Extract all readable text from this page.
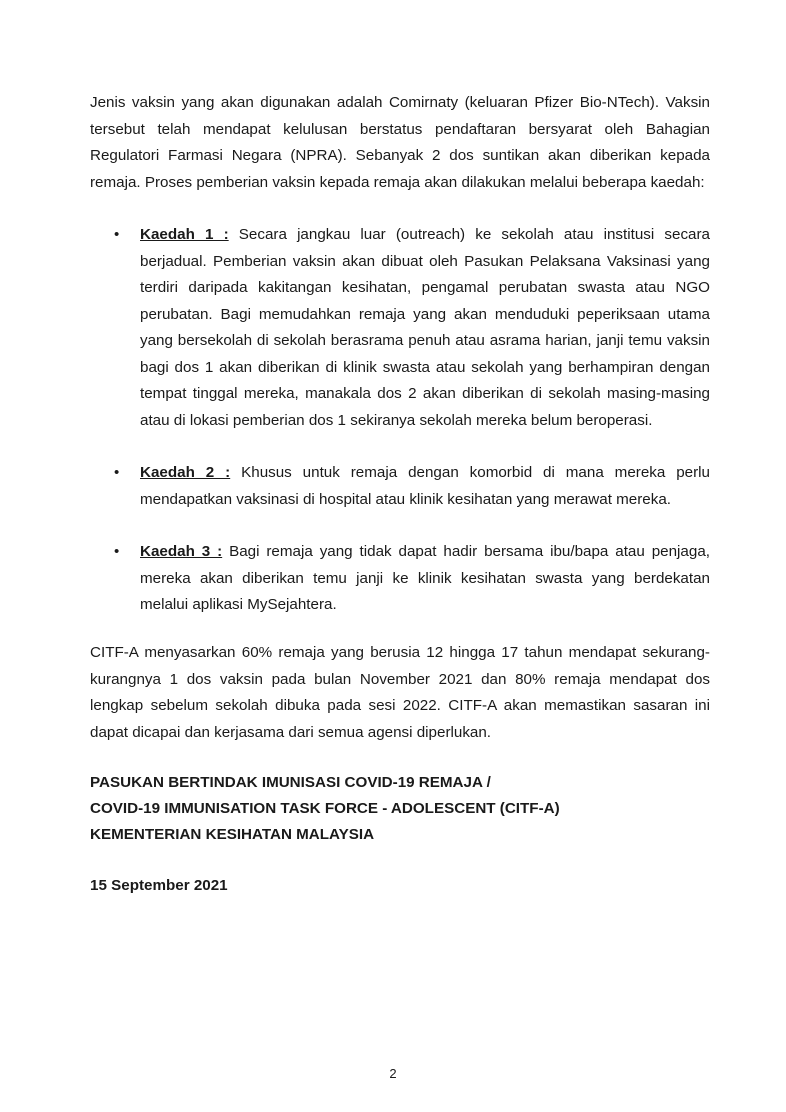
Jenis vaksin yang akan digunakan adalah Comirnaty (keluaran Pfizer Bio-NTech). Vaksin tersebut telah mendapat kelulusan berstatus pendaftaran bersyarat oleh Bahagian Regulatori Farmasi Negara (NPRA). Sebanyak 2 dos suntikan akan diberikan kepada remaja. Proses pemberian vaksin kepada remaja akan dilakukan melalui beberapa kaedah:

• Kaedah 1 : Secara jangkau luar (outreach) ke sekolah atau institusi secara berjadual. Pemberian vaksin akan dibuat oleh Pasukan Pelaksana Vaksinasi yang terdiri daripada kakitangan kesihatan, pengamal perubatan swasta atau NGO perubatan. Bagi memudahkan remaja yang akan menduduki peperiksaan utama yang bersekolah di sekolah berasrama penuh atau asrama harian, janji temu vaksin bagi dos 1 akan diberikan di klinik swasta atau sekolah yang berhampiran dengan tempat tinggal mereka, manakala dos 2 akan diberikan di sekolah masing-masing atau di lokasi pemberian dos 1 sekiranya sekolah mereka belum beroperasi.
• Kaedah 2 : Khusus untuk remaja dengan komorbid di mana mereka perlu mendapatkan vaksinasi di hospital atau klinik kesihatan yang merawat mereka.
• Kaedah 3 : Bagi remaja yang tidak dapat hadir bersama ibu/bapa atau penjaga, mereka akan diberikan temu janji ke klinik kesihatan swasta yang berdekatan melalui aplikasi MySejahtera.

CITF-A menyasarkan 60% remaja yang berusia 12 hingga 17 tahun mendapat sekurang-kurangnya 1 dos vaksin pada bulan November 2021 dan 80% remaja mendapat dos lengkap sebelum sekolah dibuka pada sesi 2022. CITF-A akan memastikan sasaran ini dapat dicapai dan kerjasama dari semua agensi diperlukan.

PASUKAN BERTINDAK IMUNISASI COVID-19 REMAJA /
COVID-19 IMMUNISATION TASK FORCE - ADOLESCENT (CITF-A)
KEMENTERIAN KESIHATAN MALAYSIA
15 September 2021
2
